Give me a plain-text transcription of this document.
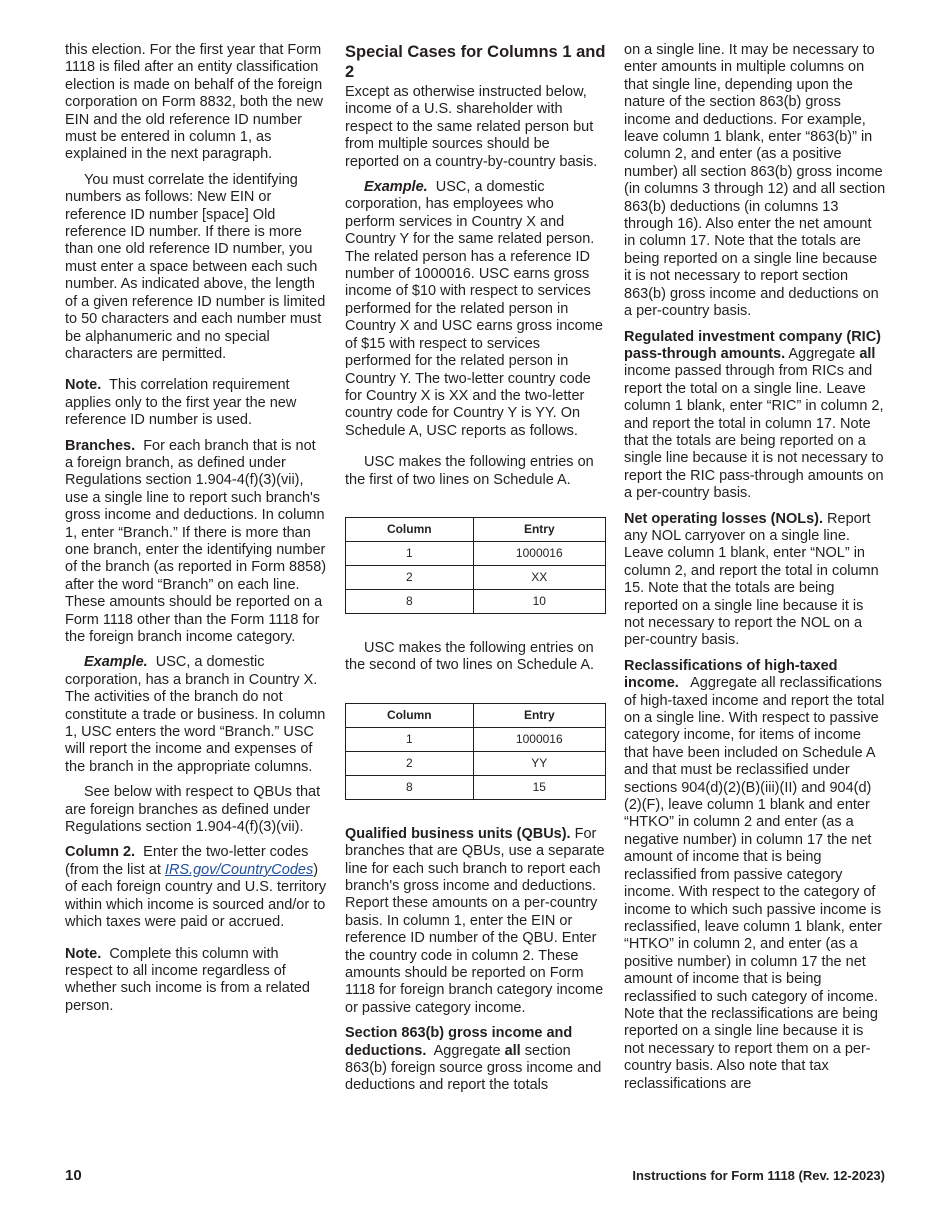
this election. For the first year that Form 1118 is filed after an entity classification election is made on behalf of the foreign corporation on Form 8832, both the new EIN and the old reference ID number must be entered in column 1, as explained in the next paragraph.

You must correlate the identifying numbers as follows: New EIN or reference ID number [space] Old reference ID number. If there is more than one old reference ID number, you must enter a space between each such number. As indicated above, the length of a given reference ID number is limited to 50 characters and each number must be alphanumeric and no special characters are permitted.

Note. This correlation requirement applies only to the first year the new reference ID number is used.

Branches. For each branch that is not a foreign branch, as defined under Regulations section 1.904-4(f)(3)(vii), use a single line to report such branch's gross income and deductions. In column 1, enter “Branch.” If there is more than one branch, enter the identifying number of the branch (as reported in Form 8858) after the word “Branch” on each line. These amounts should be reported on a Form 1118 other than the Form 1118 for the foreign branch income category.

Example. USC, a domestic corporation, has a branch in Country X. The activities of the branch do not constitute a trade or business. In column 1, USC enters the word “Branch.” USC will report the income and expenses of the branch in the appropriate columns.

See below with respect to QBUs that are foreign branches as defined under Regulations section 1.904-4(f)(3)(vii).

Column 2. Enter the two-letter codes (from the list at IRS.gov/CountryCodes) of each foreign country and U.S. territory within which income is sourced and/or to which taxes were paid or accrued.

Note. Complete this column with respect to all income regardless of whether such income is from a related person.

Special Cases for Columns 1 and 2

Except as otherwise instructed below, income of a U.S. shareholder with respect to the same related person but from multiple sources should be reported on a country-by-country basis.

Example. USC, a domestic corporation, has employees who perform services in Country X and Country Y for the same related person. The related person has a reference ID number of 1000016. USC earns gross income of $10 with respect to services performed for the related person in Country X and USC earns gross income of $15 with respect to services performed for the related person in Country Y. The two-letter country code for Country X is XX and the two-letter country code for Country Y is YY. On Schedule A, USC reports as follows.

USC makes the following entries on the first of two lines on Schedule A.

Column	Entry
1	1000016
2	XX
8	10

USC makes the following entries on the second of two lines on Schedule A.

Column	Entry
1	1000016
2	YY
8	15

Qualified business units (QBUs). For branches that are QBUs, use a separate line for each such branch to report each branch's gross income and deductions. Report these amounts on a per-country basis. In column 1, enter the EIN or reference ID number of the QBU. Enter the country code in column 2. These amounts should be reported on Form 1118 for foreign branch category income or passive category income.

Section 863(b) gross income and deductions. Aggregate all section 863(b) foreign source gross income and deductions and report the totals

on a single line. It may be necessary to enter amounts in multiple columns on that single line, depending upon the nature of the section 863(b) gross income and deductions. For example, leave column 1 blank, enter “863(b)” in column 2, and enter (as a positive number) all section 863(b) gross income (in columns 3 through 12) and all section 863(b) deductions (in columns 13 through 16). Also enter the net amount in column 17. Note that the totals are being reported on a single line because it is not necessary to report section 863(b) gross income and deductions on a per-country basis.

Regulated investment company (RIC) pass-through amounts. Aggregate all income passed through from RICs and report the total on a single line. Leave column 1 blank, enter “RIC” in column 2, and report the total in column 17. Note that the totals are being reported on a single line because it is not necessary to report the RIC pass-through amounts on a per-country basis.

Net operating losses (NOLs). Report any NOL carryover on a single line. Leave column 1 blank, enter “NOL” in column 2, and report the total in column 15. Note that the totals are being reported on a single line because it is not necessary to report the NOL on a per-country basis.

Reclassifications of high-taxed income. Aggregate all reclassifications of high-taxed income and report the total on a single line. With respect to passive category income, for items of income that have been included on Schedule A and that must be reclassified under sections 904(d)(2)(B)(iii)(II) and 904(d)(2)(F), leave column 1 blank and enter “HTKO” in column 2 and enter (as a negative number) in column 17 the net amount of income that is being reclassified from passive category income. With respect to the category of income to which such passive income is reclassified, leave column 1 blank, enter “HTKO” in column 2, and enter (as a positive number) in column 17 the net amount of income that is being reclassified to such category of income. Note that the reclassifications are being reported on a single line because it is not necessary to report them on a per-country basis. Also note that tax reclassifications are

10	Instructions for Form 1118 (Rev. 12-2023)
